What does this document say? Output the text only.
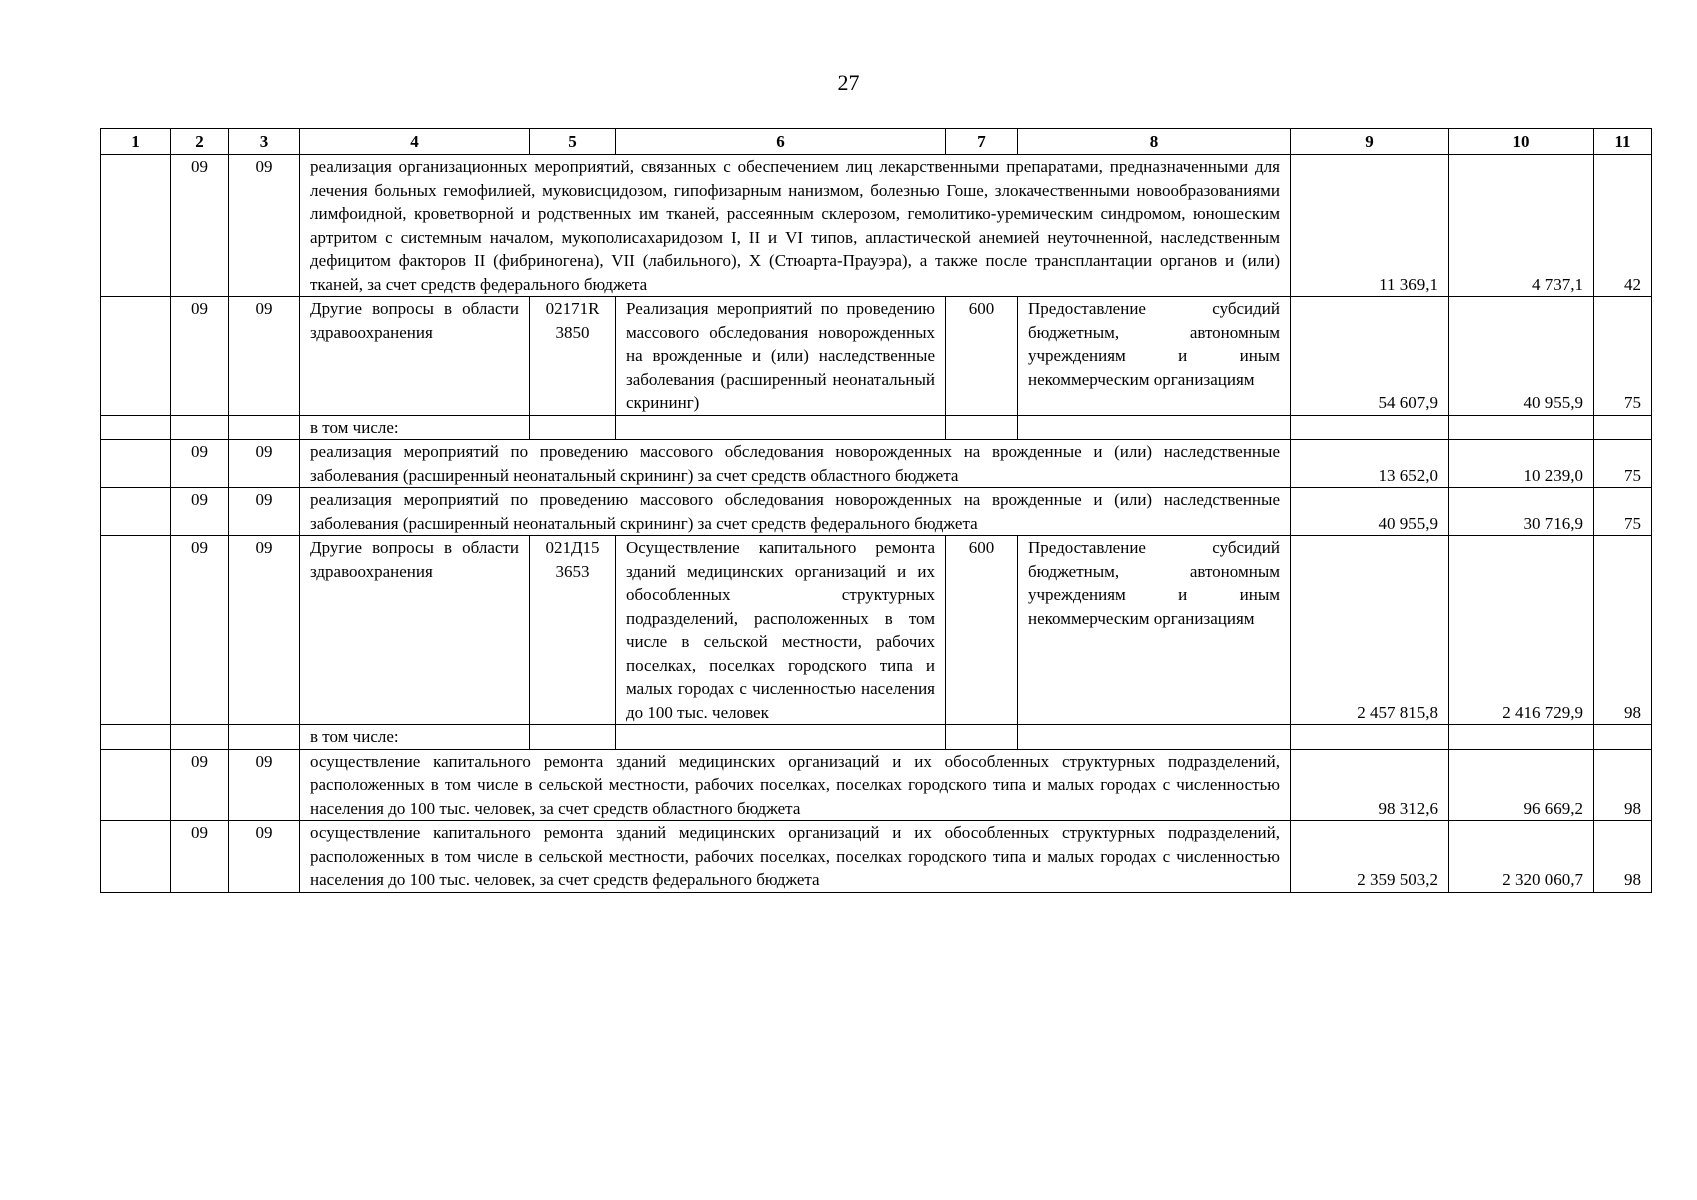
27
1	2	3	4	5	6	7	8	9	10	11
	09	09	реализация организационных мероприятий, связанных с обеспечением лиц лекарственными препаратами, предназначенными для лечения больных гемофилией, муковисцидозом, гипофизарным нанизмом, болезнью Гоше, злокачественными новообразованиями лимфоидной, кроветворной и родственных им тканей, рассеянным склерозом, гемолитико-уремическим синдромом, юношеским артритом с системным началом, мукополисахаридозом I, II и VI типов, апластической анемией неуточненной, наследственным дефицитом факторов II (фибриногена), VII (лабильного), X (Стюарта-Прауэра), а также после трансплантации органов и (или) тканей, за счет средств федерального бюджета					11 369,1	4 737,1	42
	09	09	Другие вопросы в области здравоохранения	02171R 3850	Реализация мероприятий по проведению массового обследования новорожденных на врожденные и (или) наследственные заболевания (расширенный неонатальный скрининг)	600	Предоставление субсидий бюджетным, автономным учреждениям и иным некоммерческим организациям	54 607,9	40 955,9	75
			в том числе:							
	09	09	реализация мероприятий по проведению массового обследования новорожденных на врожденные и (или) наследственные заболевания (расширенный неонатальный скрининг) за счет средств областного бюджета					13 652,0	10 239,0	75
	09	09	реализация мероприятий по проведению массового обследования новорожденных на врожденные и (или) наследственные заболевания (расширенный неонатальный скрининг) за счет средств федерального бюджета					40 955,9	30 716,9	75
	09	09	Другие вопросы в области здравоохранения	021Д15 3653	Осуществление капитального ремонта зданий медицинских организаций и их обособленных структурных подразделений, расположенных в том числе в сельской местности, рабочих поселках, поселках городского типа и малых городах с численностью населения до 100 тыс. человек	600	Предоставление субсидий бюджетным, автономным учреждениям и иным некоммерческим организациям	2 457 815,8	2 416 729,9	98
			в том числе:							
	09	09	осуществление капитального ремонта зданий медицинских организаций и их обособленных структурных подразделений, расположенных в том числе в сельской местности, рабочих поселках, поселках городского типа и малых городах с численностью населения до 100 тыс. человек, за счет средств областного бюджета					98 312,6	96 669,2	98
	09	09	осуществление капитального ремонта зданий медицинских организаций и их обособленных структурных подразделений, расположенных в том числе в сельской местности, рабочих поселках, поселках городского типа и малых городах с численностью населения до 100 тыс. человек, за счет средств федерального бюджета					2 359 503,2	2 320 060,7	98
